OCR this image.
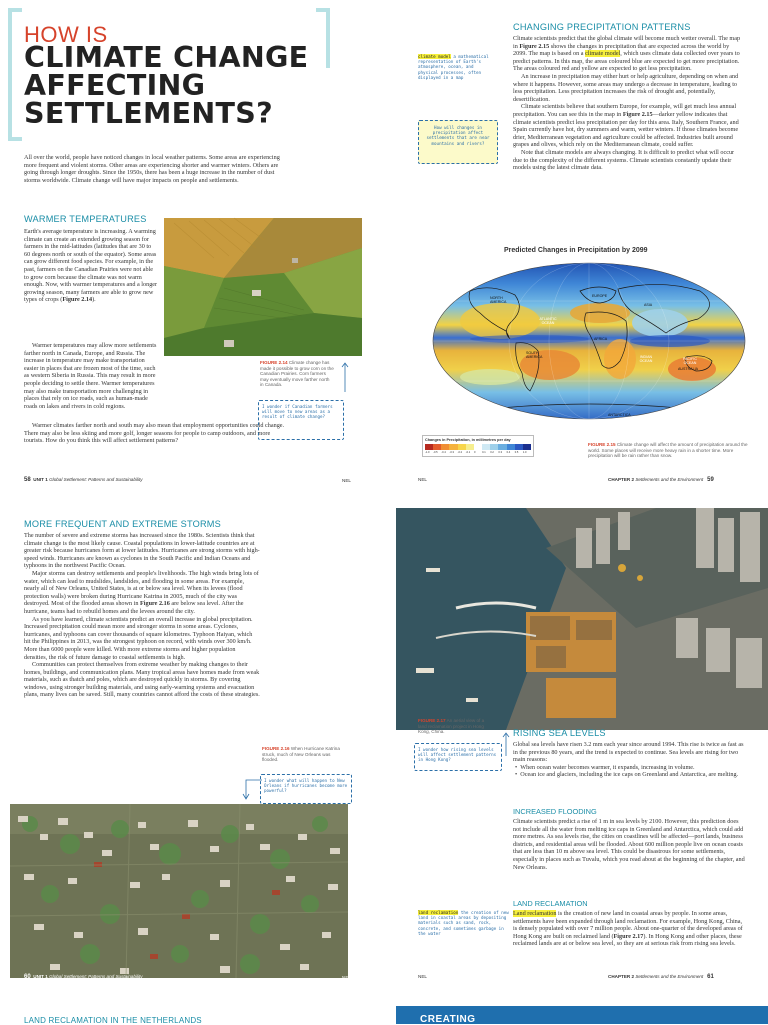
HOW IS
CLIMATE CHANGE AFFECTING SETTLEMENTS?
All over the world, people have noticed changes in local weather patterns. Some areas are experiencing more frequent and violent storms. Other areas are experiencing shorter and warmer winters. Others are going through longer droughts. Since the 1950s, there has been a huge increase in the number of dust storms worldwide. Climate change will have major impacts on people and settlements.
WARMER TEMPERATURES

Earth's average temperature is increasing. A warming climate can create an extended growing season for farmers in the mid-latitudes (latitudes that are 30 to 60 degrees north or south of the equator). Some areas can grow different food species. For example, in the past, farmers on the Canadian Prairies were not able to grow corn because the climate was not warm enough. Now, with warmer temperatures and a longer growing season, many farmers are able to grow new types of crops (Figure 2.14).

Warmer temperatures may allow more settlements farther north in Canada, Europe, and Russia. The increase in temperature may make transportation easier in places that are frozen most of the time, such as western Siberia in Russia. This may result in more people deciding to settle there. Warmer temperatures may also make transportation more challenging in places that rely on ice roads, such as human-made roads on lakes and rivers in cold regions.
Warmer climates farther north and south may also mean that employment opportunities could change. There may also be less skiing and more golf, longer seasons for people to camp outdoors, and more tourists. How do you think this will affect settlement patterns?
FIGURE 2.14 Climate change has made it possible to grow corn on the Canadian Prairies. Corn farmers may eventually move farther north in Canada.
I wonder if Canadian farmers will move to new areas as a result of climate change?
58 UNIT 1 Global Settlement: Patterns and Sustainability	NEL
climate model a mathematical representation of Earth's atmosphere, ocean, and physical processes, often displayed in a map
How will changes in precipitation affect settlements that are near mountains and rivers?
CHANGING PRECIPITATION PATTERNS

Climate scientists predict that the global climate will become much wetter overall. The map in Figure 2.15 shows the changes in precipitation that are expected across the world by 2099. The map is based on a climate model, which uses climate data collected over years to predict patterns. In this map, the areas coloured blue are expected to get more precipitation. The areas coloured red and yellow are expected to get less precipitation.

An increase in precipitation may either hurt or help agriculture, depending on when and where it happens. However, some areas may undergo a decrease in temperature, leading to less precipitation. Less precipitation increases the risk of drought and, potentially, desertification.

Climate scientists believe that southern Europe, for example, will get much less annual precipitation. You can see this in the map in Figure 2.15—darker yellow indicates that climate scientists predict less precipitation per day for this area. Italy, Southern France, and Spain currently have hot, dry summers and warm, wetter winters. If those climates become drier, Mediterranean vegetation and agriculture could be affected. Industries built around grapes and olives, which rely on the Mediterranean climate, could suffer.

Note that climate models are always changing. It is difficult to predict what will occur due to the complexity of the different systems. Climate scientists constantly update their models using the latest climate data.

Predicted Changes in Precipitation by 2099
NORTH AMERICA
EUROPE
ASIA
ATLANTIC OCEAN
PACIFIC OCEAN
AFRICA
SOUTH AMERICA	INDIAN OCEAN
AUSTRALIA
ANTARCTICA
Changes in Precipitation, in millimetres per day
-1.0	-0.5	-0.4	-0.3	-0.2	-0.1	0	0.1	0.2	0.3	0.4	0.5	1.0
FIGURE 2.15 Climate change will affect the amount of precipitation around the world. Some places will receive more heavy rain in a shorter time. More precipitation will be rain rather than snow.
NEL	CHAPTER 2 Settlements and the Environment 59
MORE FREQUENT AND EXTREME STORMS

The number of severe and extreme storms has increased since the 1980s. Scientists think that climate change is the most likely cause. Coastal populations in lower-latitude countries are at greater risk because hurricanes form at lower latitudes. Hurricanes are strong storms with high-speed winds. Hurricanes are known as cyclones in the South Pacific and Indian Oceans and typhoons in the northwest Pacific Ocean.

Major storms can destroy settlements and people's livelihoods. The high winds bring lots of water, which can lead to mudslides, landslides, and flooding in some areas. For example, nearly all of New Orleans, United States, is at or below sea level. When its levees (flood protection walls) were broken during Hurricane Katrina in 2005, much of the city was destroyed. Most of the flooded areas shown in Figure 2.16 are below sea level. After the hurricane, teams had to rebuild homes and the levees around the city.

As you have learned, climate scientists predict an overall increase in global precipitation. Increased precipitation could mean more and stronger storms in some areas. Cyclones, hurricanes, and typhoons can cover thousands of square kilometres. Typhoon Haiyan, which hit the Philippines in 2013, was the strongest typhoon on record, with winds over 300 km/h. More than 6000 people were killed. With more extreme storms and higher population densities, the risk of future damage to coastal settlements is high.

Communities can protect themselves from extreme weather by making changes to their homes, buildings, and communication plans. Many tropical areas have homes made from weak materials, such as thatch and poles, which are destroyed quickly in storms. By covering windows, using stronger building materials, and using early-warning systems and evacuation plans, many lives can be saved. Still, many countries cannot afford the costs of these strategies.

FIGURE 2.16 When Hurricane Katrina struck, much of New Orleans was flooded.
I wonder what will happen to New Orleans if hurricanes become more powerful?
60 UNIT 1 Global Settlement: Patterns and Sustainability	NEL
FIGURE 2.17 An aerial view of a land reclamation project in Hong Kong, China.
I wonder how rising sea levels will affect settlement patterns in Hong Kong?
RISING SEA LEVELS

Global sea levels have risen 3.2 mm each year since around 1994. This rise is twice as fast as in the previous 80 years, and the trend is expected to continue. Sea levels are rising for two main reasons:

•  When ocean water becomes warmer, it expands, increasing in volume.

•  Ocean ice and glaciers, including the ice caps on Greenland and Antarctica, are melting.

INCREASED FLOODING
Climate scientists predict a rise of 1 m in sea levels by 2100. However, this prediction does not include all the water from melting ice caps in Greenland and Antarctica, which could add more metres. As sea levels rise, the cities on coastlines will be affected—port lands, business districts, and residential areas will be flooded. About 600 million people live on ocean coasts that are less than 10 m above sea level. This could be disastrous for some settlements, especially in places such as Tuvalu, which you read about at the beginning of the chapter, and New Orleans.
LAND RECLAMATION

Land reclamation is the creation of new land in coastal areas by people. In some areas, settlements have been expanded through land reclamation. For example, Hong Kong, China, is densely populated with over 7 million people. About one-quarter of the developed areas of Hong Kong are built on reclaimed land (Figure 2.17). In Hong Kong and other places, these reclaimed lands are at or below sea level, so they are at serious risk from rising sea levels.

land reclamation the creation of new land in coastal areas by depositing materials such as sand, rock, concrete, and sometimes garbage in the water
NEL	CHAPTER 2 Settlements and the Environment 61
LAND RECLAMATION IN THE NETHERLANDS	CREATING
